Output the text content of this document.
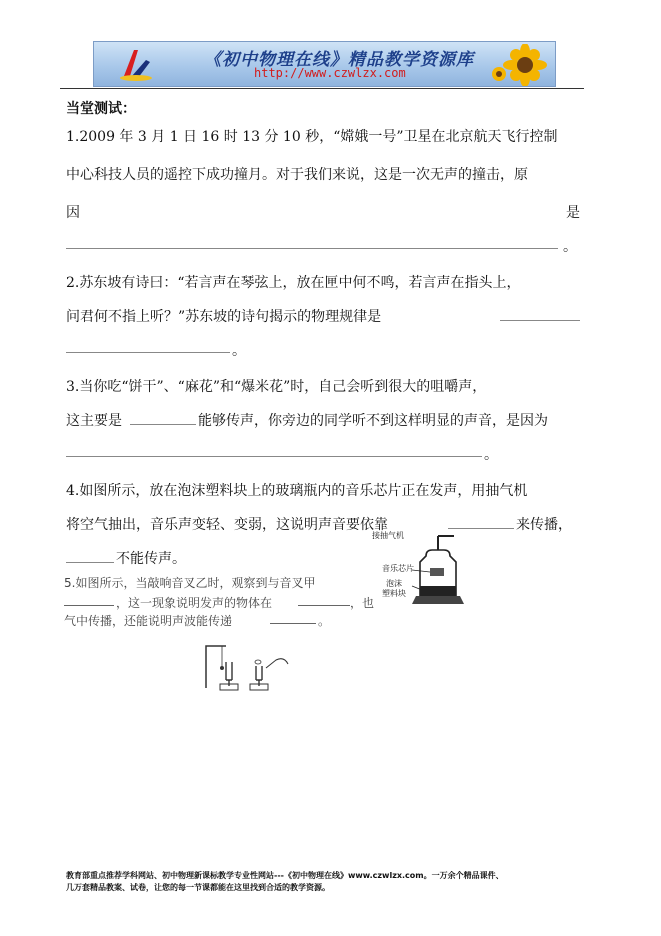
《初中物理在线》精品教学资源库
http://www.czwlzx.com
当堂测试：
1.2009 年 3 月 1 日 16 时 13 分 10 秒，“嫦娥一号”卫星在北京航天飞行控制
中心科技人员的遥控下成功撞月。对于我们来说，这是一次无声的撞击，原
因	是
。
2.苏东坡有诗曰：“若言声在琴弦上，放在匣中何不鸣，若言声在指头上，
问君何不指上听？”苏东坡的诗句揭示的物理规律是
。
3.当你吃“饼干”、“麻花”和“爆米花”时，自己会听到很大的咀嚼声，
这主要是	能够传声，你旁边的同学听不到这样明显的声音，是因为
。
4.如图所示，放在泡沫塑料块上的玻璃瓶内的音乐芯片正在发声，用抽气机
将空气抽出，音乐声变轻、变弱，这说明声音要依靠	来传播，
不能传声。
接抽气机
音乐芯片
泡沫
塑料块
5.如图所示，当敲响音叉乙时，观察到与音叉甲
，这一现象说明发声的物体在	，也
气中传播，还能说明声波能传递	。
教育部重点推荐学科网站、初中物理新课标教学专业性网站---《初中物理在线》www.czwlzx.com。一万余个精品课件、
几万套精品教案、试卷，让您的每一节课都能在这里找到合适的教学资源。
